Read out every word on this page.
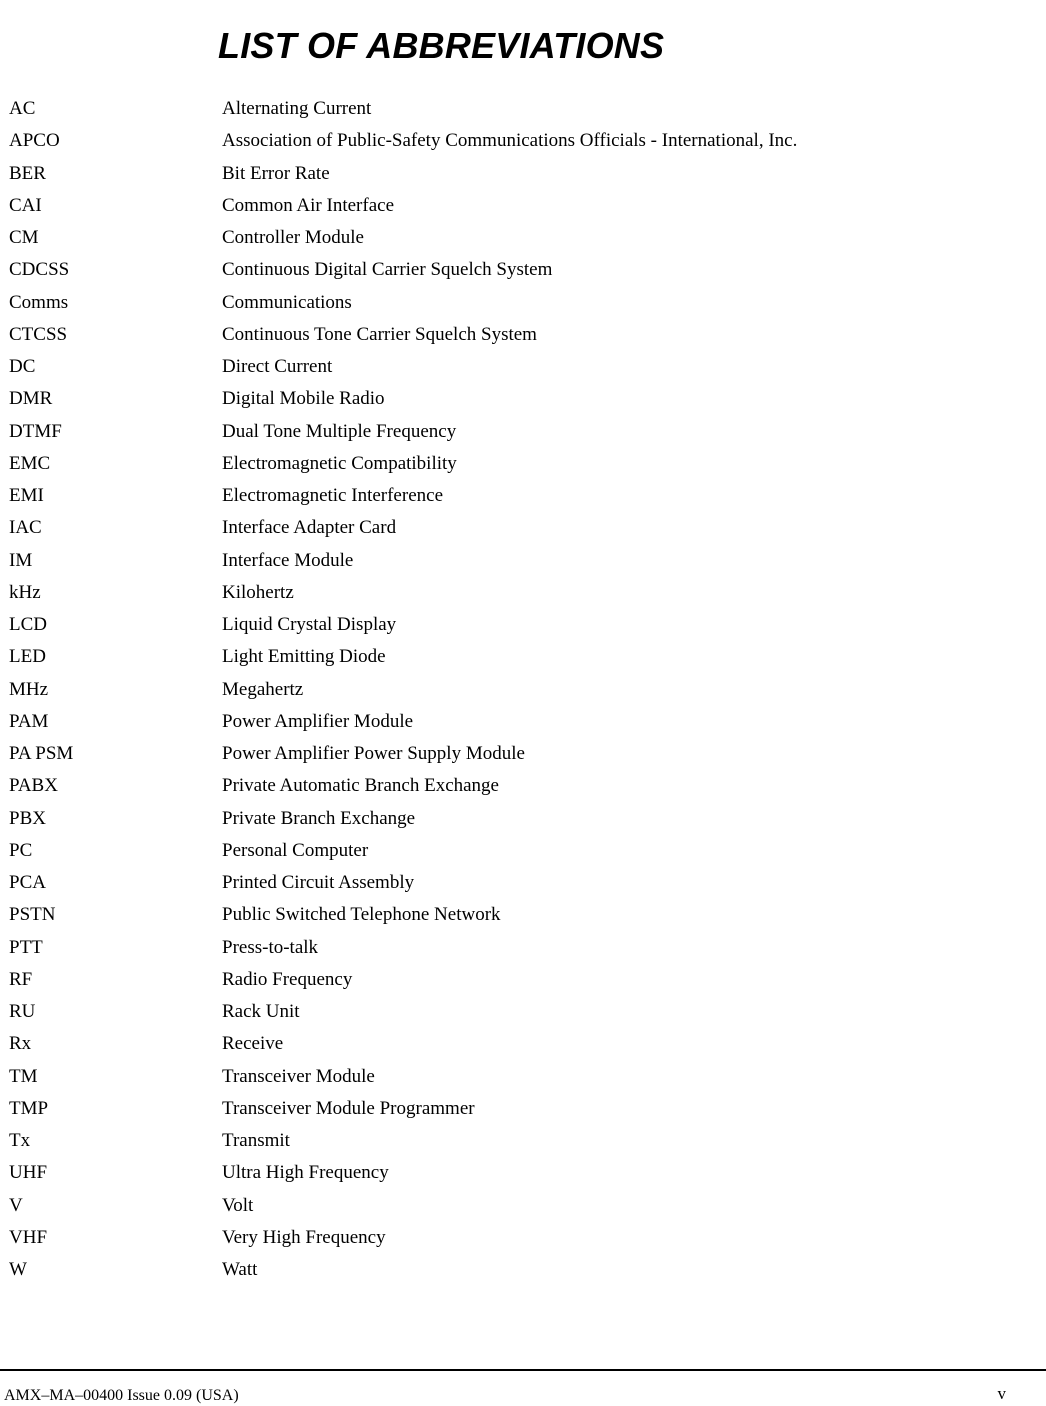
LIST OF ABBREVIATIONS
AC	Alternating Current
APCO	Association of Public-Safety Communications Officials - International, Inc.
BER	Bit Error Rate
CAI	Common Air Interface
CM	Controller Module
CDCSS	Continuous Digital Carrier Squelch System
Comms	Communications
CTCSS	Continuous Tone Carrier Squelch System
DC	Direct Current
DMR	Digital Mobile Radio
DTMF	Dual Tone Multiple Frequency
EMC	Electromagnetic Compatibility
EMI	Electromagnetic Interference
IAC	Interface Adapter Card
IM	Interface Module
kHz	Kilohertz
LCD	Liquid Crystal Display
LED	Light Emitting Diode
MHz	Megahertz
PAM	Power Amplifier Module
PA PSM	Power Amplifier Power Supply Module
PABX	Private Automatic Branch Exchange
PBX	Private Branch Exchange
PC	Personal Computer
PCA	Printed Circuit Assembly
PSTN	Public Switched Telephone Network
PTT	Press-to-talk
RF	Radio Frequency
RU	Rack Unit
Rx	Receive
TM	Transceiver Module
TMP	Transceiver Module Programmer
Tx	Transmit
UHF	Ultra High Frequency
V	Volt
VHF	Very High Frequency
W	Watt
AMX–MA–00400 Issue 0.09 (USA)	v
